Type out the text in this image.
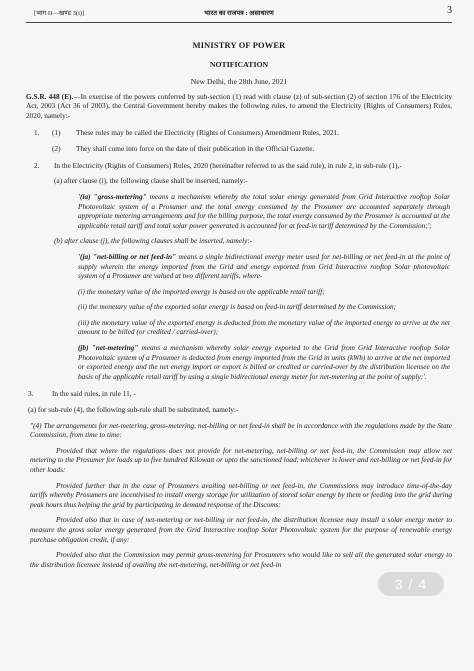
[भाग II—खण्ड 3(i)]	भारत का राजपत्र : असाधारण	3
MINISTRY OF POWER
NOTIFICATION
New Delhi, the 28th June, 2021

G.S.R. 448 (E).—In exercise of the powers conferred by sub-section (1) read with clause (z) of sub-section (2) of section 176 of the Electricity Act, 2003 (Act 36 of 2003), the Central Government hereby makes the following rules, to amend the Electricity (Rights of Consumers) Rules, 2020, namely:-

1. (1)	These rules may be called the Electricity (Rights of Consumers) Amendment Rules, 2021.
(2)	They shall come into force on the date of their publication in the Official Gazette.
2. In the Electricity (Rights of Consumers) Rules, 2020 (hereinafter referred to as the said rule), in rule 2, in sub-rule (1),-
(a) after clause (i), the following clause shall be inserted, namely:-

'(ia) "gross-metering" means a mechanism whereby the total solar energy generated from Grid Interactive rooftop Solar Photovoltaic system of a Prosumer and the total energy consumed by the Prosumer are accounted separately through appropriate metering arrangements and for the billing purpose, the total energy consumed by the Prosumer is accounted at the applicable retail tariff and total solar power generated is accounted for at feed-in tariff determined by the Commission;';

(b) after clause (j), the following clauses shall be inserted, namely:-

'(ja) "net-billing or net feed-in" means a single bidirectional energy meter used for net-billing or net feed-in at the point of supply wherein the energy imported from the Grid and energy exported from Grid Interactive rooftop Solar photovoltaic system of a Prosumer are valued at two different tariffs, where-

(i) the monetary value of the imported energy is based on the applicable retail tariff;

(ii) the monetary value of the exported solar energy is based on feed-in tariff determined by the Commission;

(iii) the monetary value of the exported energy is deducted from the monetary value of the imported energy to arrive at the net amount to be billed (or credited / carried-over);

(jb) "net-metering" means a mechanism whereby solar energy exported to the Grid from Grid Interactive rooftop Solar Photovoltaic system of a Prosumer is deducted from energy imported from the Grid in units (kWh) to arrive at the net imported or exported energy and the net energy import or export is billed or credited or carried-over by the distribution licensee on the basis of the applicable retail tariff by using a single bidirectional energy meter for net-metering at the point of supply;'.

3.	In the said rules, in rule 11, -
(a) for sub-rule (4), the following sub-rule shall be substituted, namely:-

"(4) The arrangements for net-metering, gross-metering, net-billing or net feed-in shall be in accordance with the regulations made by the State Commission, from time to time:

Provided that where the regulations does not provide for net-metering, net-billing or net feed-in, the Commission may allow net metering to the Prosumer for loads up to five hundred Kilowatt or upto the sanctioned load, whichever is lower and net-billing or net feed-in for other loads:

Provided further that in the case of Prosumers availing net-billing or net feed-in, the Commissions may introduce time-of-the-day tariffs whereby Prosumers are incentivised to install energy storage for utilization of stored solar energy by them or feeding into the grid during peak hours thus helping the grid by participating in demand response of the Discoms:

Provided also that in case of net-metering or net-billing or net feed-in, the distribution licensee may install a solar energy meter to measure the gross solar energy generated from the Grid Interactive rooftop Solar Photovoltaic system for the purpose of renewable energy purchase obligation credit, if any:

Provided also that the Commission may permit gross-metering for Prosumers who would like to sell all the generated solar energy to the distribution licensee instead of availing the net-metering, net-billing or net feed-in

3 / 4
